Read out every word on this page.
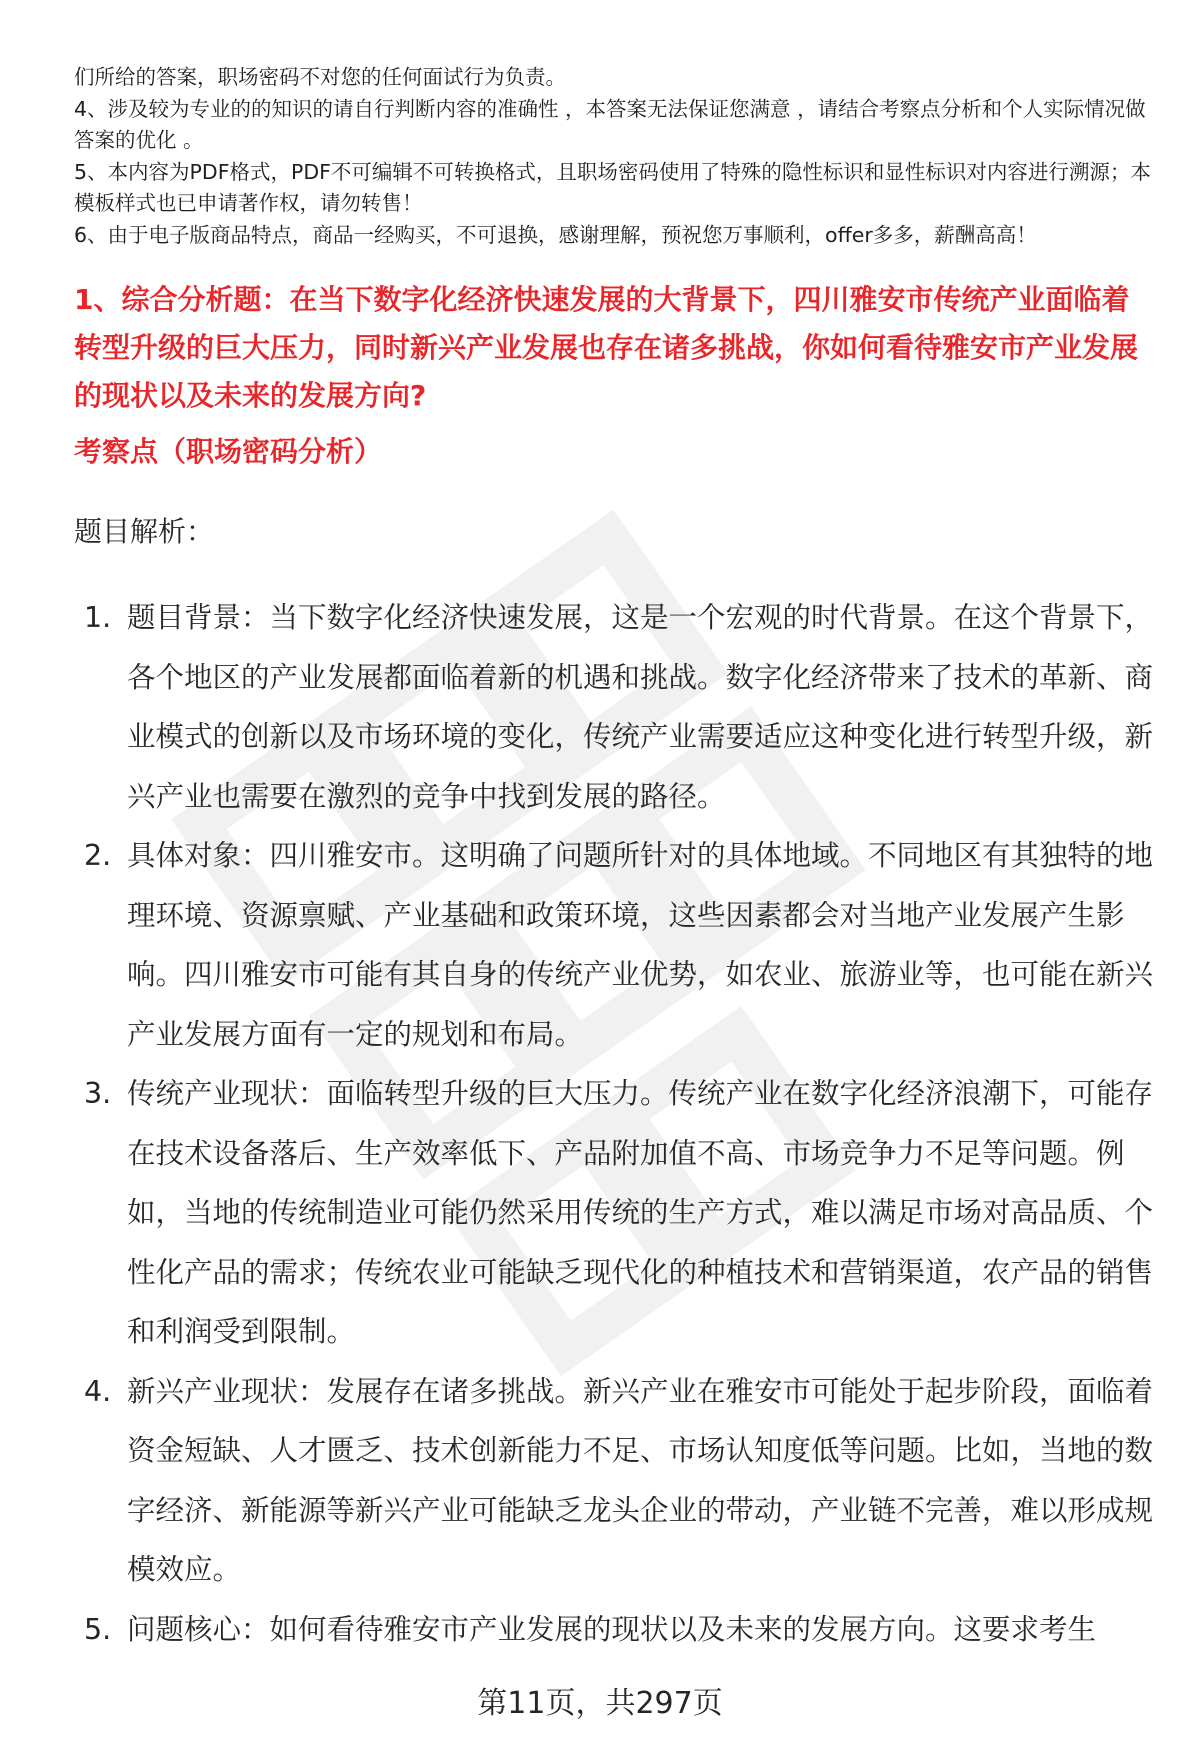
们所给的答案，职场密码不对您的任何面试行为负责。

4、涉及较为专业的的知识的请自行判断内容的准确性 ，本答案无法保证您满意 ，请结合考察点分析和个人实际情况做答案的优化 。

5、本内容为PDF格式，PDF不可编辑不可转换格式，且职场密码使用了特殊的隐性标识和显性标识对内容进行溯源；本模板样式也已申请著作权，请勿转售！

6、由于电子版商品特点，商品一经购买，不可退换，感谢理解，预祝您万事顺利，offer多多，薪酬高高！

1、综合分析题：在当下数字化经济快速发展的大背景下，四川雅安市传统产业面临着转型升级的巨大压力，同时新兴产业发展也存在诸多挑战，你如何看待雅安市产业发展的现状以及未来的发展方向?

考察点（职场密码分析）

题目解析：

1. 题目背景：当下数字化经济快速发展，这是一个宏观的时代背景。在这个背景下，各个地区的产业发展都面临着新的机遇和挑战。数字化经济带来了技术的革新、商业模式的创新以及市场环境的变化，传统产业需要适应这种变化进行转型升级，新兴产业也需要在激烈的竞争中找到发展的路径。
2. 具体对象：四川雅安市。这明确了问题所针对的具体地域。不同地区有其独特的地理环境、资源禀赋、产业基础和政策环境，这些因素都会对当地产业发展产生影响。四川雅安市可能有其自身的传统产业优势，如农业、旅游业等，也可能在新兴产业发展方面有一定的规划和布局。
3. 传统产业现状：面临转型升级的巨大压力。传统产业在数字化经济浪潮下，可能存在技术设备落后、生产效率低下、产品附加值不高、市场竞争力不足等问题。例如，当地的传统制造业可能仍然采用传统的生产方式，难以满足市场对高品质、个性化产品的需求；传统农业可能缺乏现代化的种植技术和营销渠道，农产品的销售和利润受到限制。
4. 新兴产业现状：发展存在诸多挑战。新兴产业在雅安市可能处于起步阶段，面临着资金短缺、人才匮乏、技术创新能力不足、市场认知度低等问题。比如，当地的数字经济、新能源等新兴产业可能缺乏龙头企业的带动，产业链不完善，难以形成规模效应。
5. 问题核心：如何看待雅安市产业发展的现状以及未来的发展方向。这要求考生

第11页，共297页
